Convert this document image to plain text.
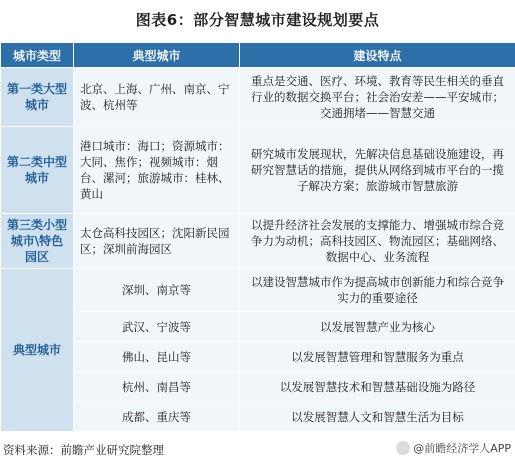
图表6：部分智慧城市建设规划要点
城市类型	典型城市	建设特点
第一类大型城市	北京、上海、广州、南京、宁波、杭州等	重点是交通、医疗、环境、教育等民生相关的垂直行业的数据交换平台；社会治安差——平安城市；交通拥堵——智慧交通
第二类中型城市	港口城市：海口；资源城市：大同、焦作；视频城市：烟台、漯河；旅游城市：桂林、黄山	研究城市发展现状，先解决信息基础设施建设，再研究智慧话的措施，提供从网络到城市平台的一揽子解决方案；旅游城市智慧旅游
第三类小型城市\特色园区	太仓高科技园区；沈阳新民园区；深圳前海园区	以提升经济社会发展的支撑能力、增强城市综合竞争力为动机；高科技园区、物流园区；基础网络、数据中心、业务流程
典型城市	深圳、南京等	以建设智慧城市作为提高城市创新能力和综合竞争实力的重要途径
	武汉、宁波等	以发展智慧产业为核心
	佛山、昆山等	以发展智慧管理和智慧服务为重点
	杭州、南昌等	以发展智慧技术和智慧基础设施为路径
	成都、重庆等	以发展智慧人文和智慧生活为目标
资料来源：前瞻产业研究院整理	@前瞻经济学人APP
